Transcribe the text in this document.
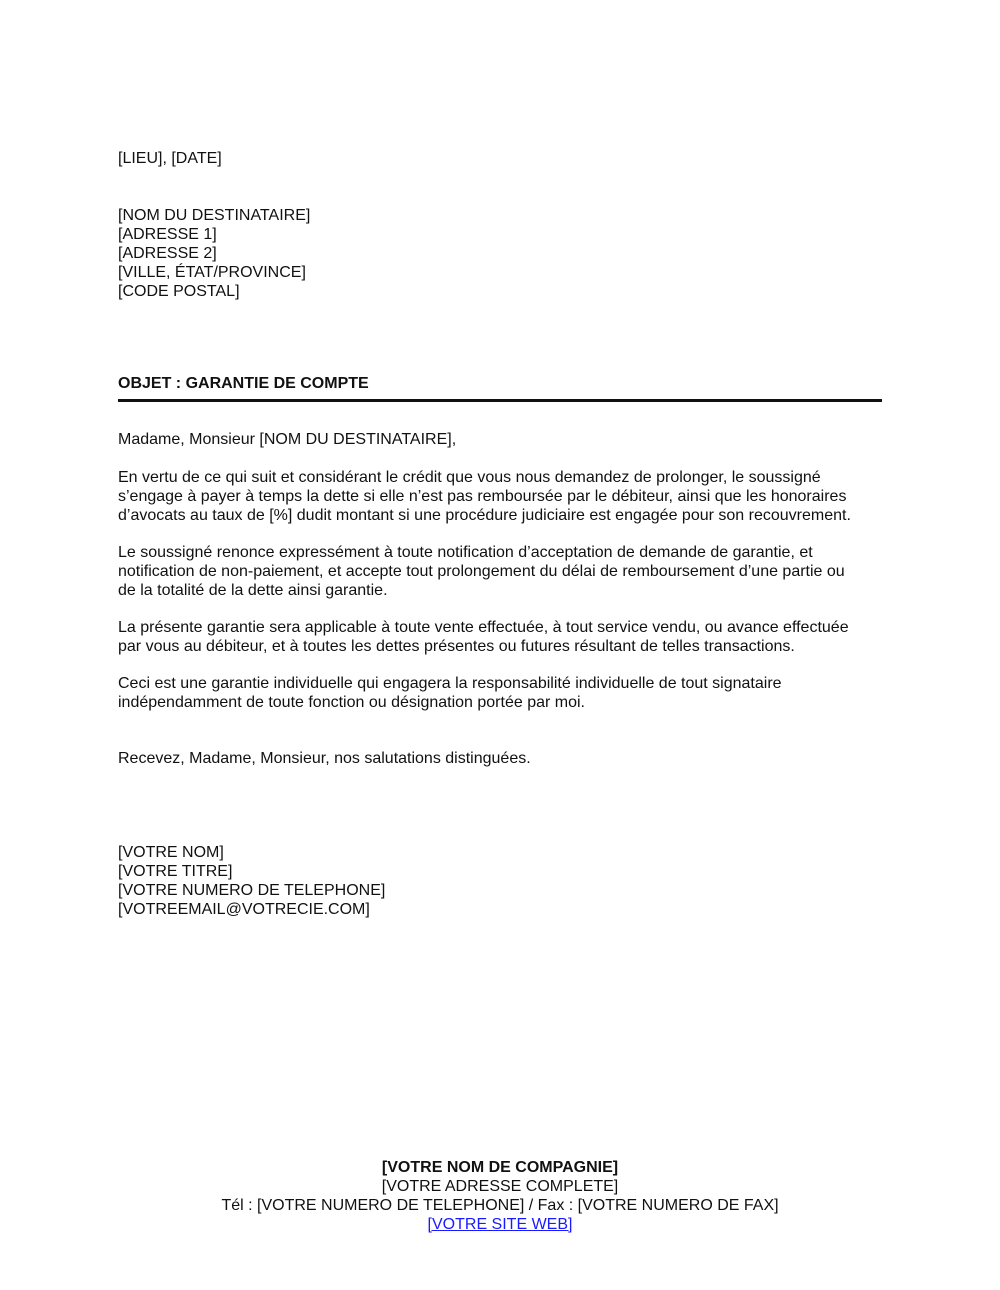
[LIEU], [DATE]
[NOM DU DESTINATAIRE]
[ADRESSE 1]
[ADRESSE 2]
[VILLE, ÉTAT/PROVINCE]
[CODE POSTAL]
OBJET : GARANTIE DE COMPTE
Madame, Monsieur [NOM DU DESTINATAIRE],

En vertu de ce qui suit et considérant le crédit que vous nous demandez de prolonger, le soussigné

s’engage à payer à temps la dette si elle n’est pas remboursée par le débiteur, ainsi que les honoraires

d’avocats au taux de [%] dudit montant si une procédure judiciaire est engagée pour son recouvrement.

Le soussigné renonce expressément à toute notification d’acceptation de demande de garantie, et

notification de non-paiement, et accepte tout prolongement du délai de remboursement d’une partie ou

de la totalité de la dette ainsi garantie.

La présente garantie sera applicable à toute vente effectuée, à tout service vendu, ou avance effectuée

par vous au débiteur, et à toutes les dettes présentes ou futures résultant de telles transactions.

Ceci est une garantie individuelle qui engagera la responsabilité individuelle de tout signataire

indépendamment de toute fonction ou désignation portée par moi.

Recevez, Madame, Monsieur, nos salutations distinguées.
[VOTRE NOM]
[VOTRE TITRE]
[VOTRE NUMERO DE TELEPHONE]
[VOTREEMAIL@VOTRECIE.COM]
[VOTRE NOM DE COMPAGNIE]
[VOTRE ADRESSE COMPLETE]
Tél : [VOTRE NUMERO DE TELEPHONE] / Fax : [VOTRE NUMERO DE FAX]
[VOTRE SITE WEB]
